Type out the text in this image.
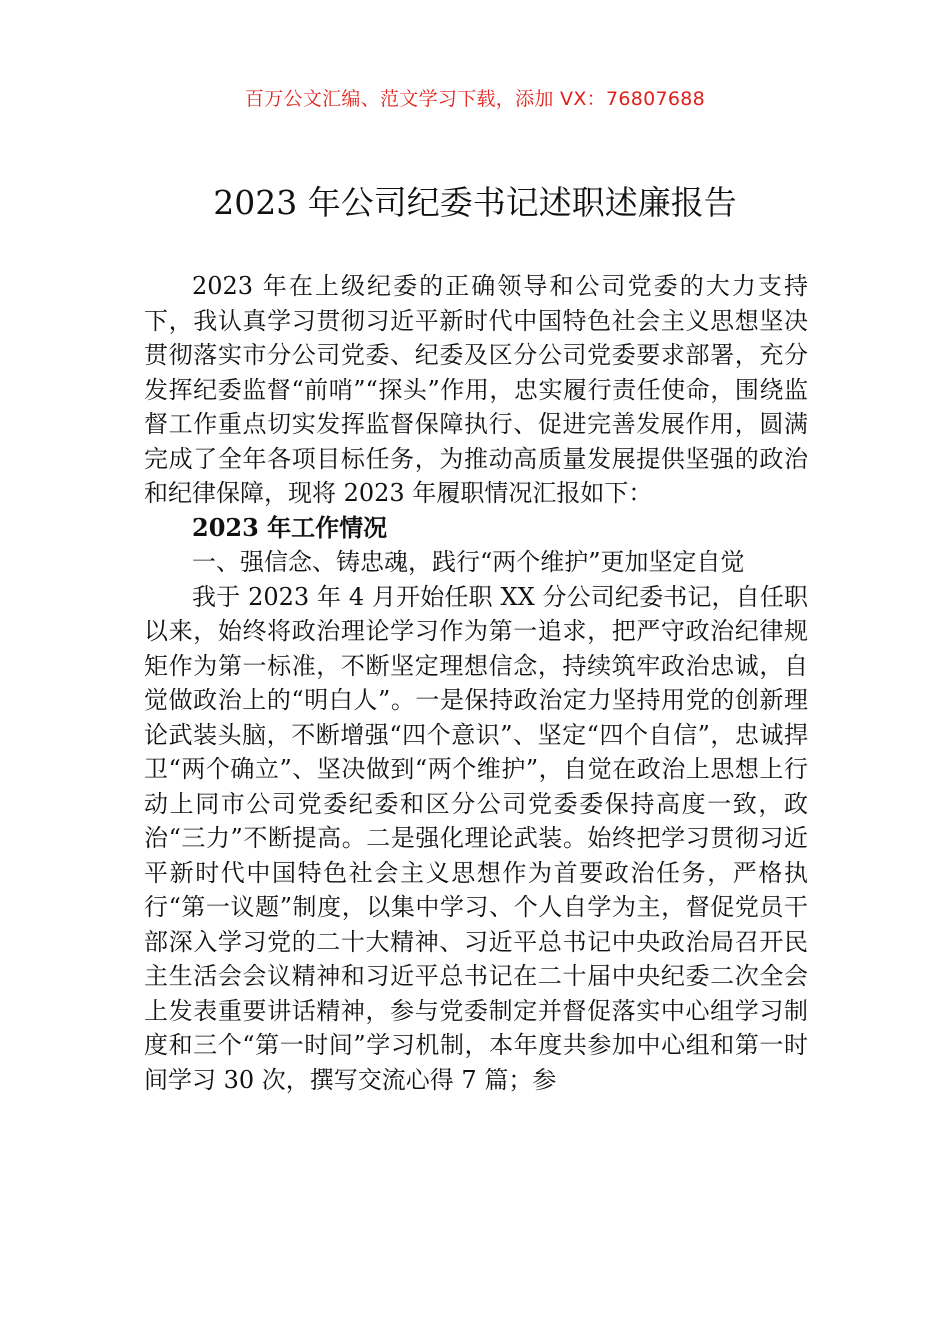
百万公文汇编、范文学习下载，添加 VX：76807688
2023 年公司纪委书记述职述廉报告

2023 年在上级纪委的正确领导和公司党委的大力支持下，我认真学习贯彻习近平新时代中国特色社会主义思想坚决贯彻落实市分公司党委、纪委及区分公司党委要求部署，充分发挥纪委监督“前哨”“探头”作用，忠实履行责任使命，围绕监督工作重点切实发挥监督保障执行、促进完善发展作用，圆满完成了全年各项目标任务，为推动高质量发展提供坚强的政治和纪律保障，现将 2023 年履职情况汇报如下：

2023 年工作情况

一、强信念、铸忠魂，践行“两个维护”更加坚定自觉

我于 2023 年 4 月开始任职 XX 分公司纪委书记，自任职以来，始终将政治理论学习作为第一追求，把严守政治纪律规矩作为第一标准，不断坚定理想信念，持续筑牢政治忠诚，自觉做政治上的“明白人”。一是保持政治定力坚持用党的创新理论武装头脑，不断增强“四个意识”、坚定“四个自信”，忠诚捍卫“两个确立”、坚决做到“两个维护”，自觉在政治上思想上行动上同市公司党委纪委和区分公司党委委保持高度一致，政治“三力”不断提高。二是强化理论武装。始终把学习贯彻习近平新时代中国特色社会主义思想作为首要政治任务，严格执行“第一议题”制度，以集中学习、个人自学为主，督促党员干部深入学习党的二十大精神、习近平总书记中央政治局召开民主生活会会议精神和习近平总书记在二十届中央纪委二次全会上发表重要讲话精神，参与党委制定并督促落实中心组学习制度和三个“第一时间”学习机制，本年度共参加中心组和第一时间学习 30 次，撰写交流心得 7 篇；参
